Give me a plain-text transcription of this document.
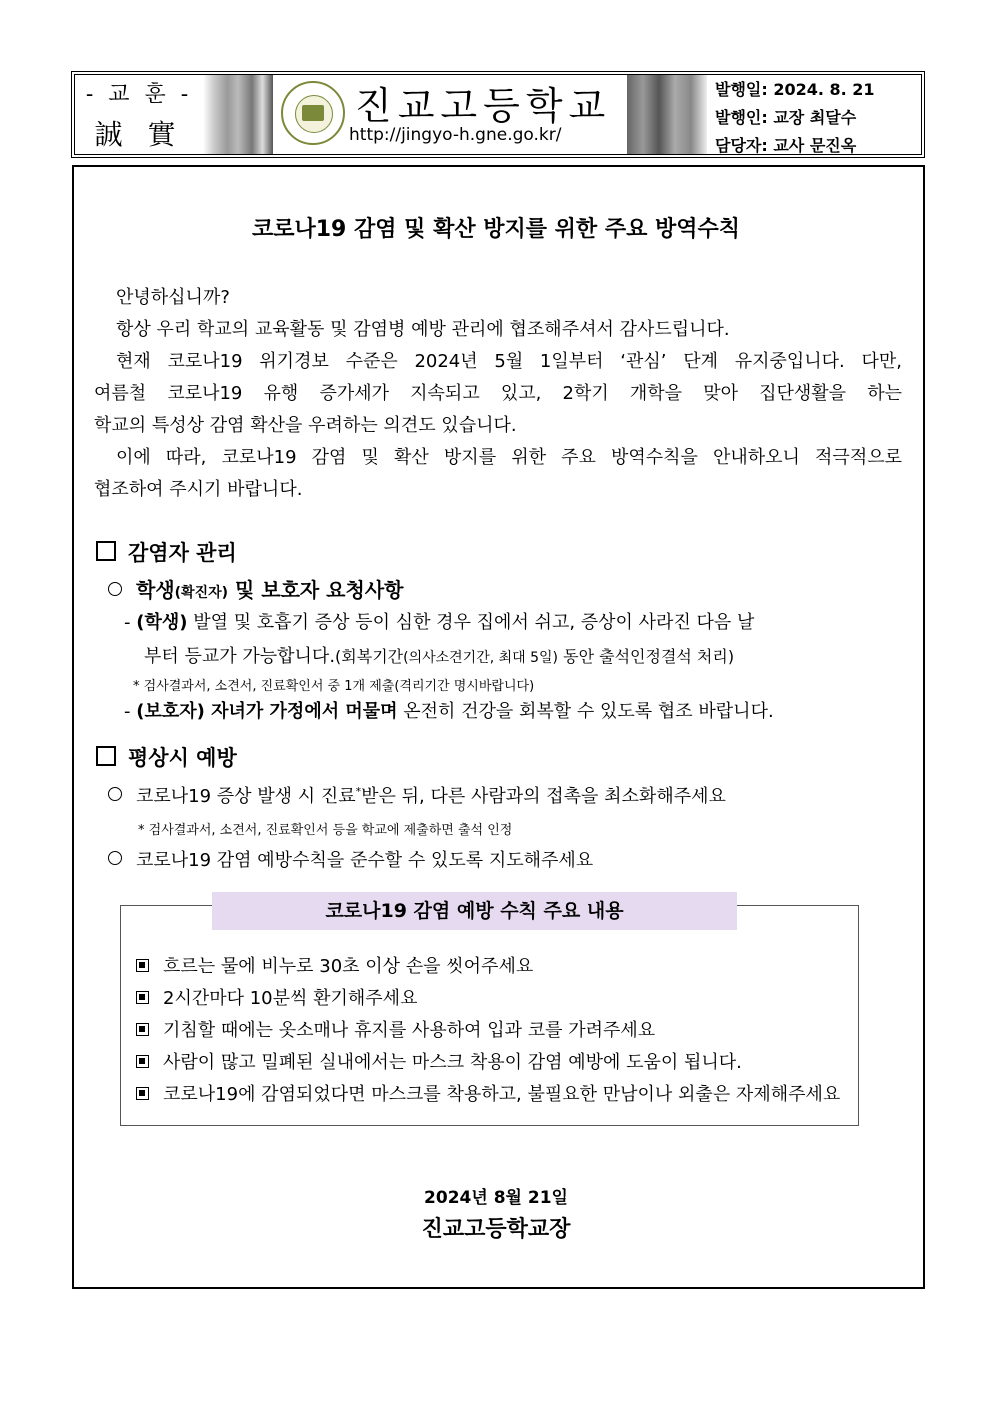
- 교 훈 -
誠 實
진교고등학교
http://jingyo-h.gne.go.kr/
발행일: 2024. 8. 21
발행인: 교장 최달수
담당자: 교사 문진옥
코로나19 감염 및 확산 방지를 위한 주요 방역수칙
안녕하십니까?
항상 우리 학교의 교육활동 및 감염병 예방 관리에 협조해주셔서 감사드립니다.
현재 코로나19 위기경보 수준은 2024년 5월 1일부터 ‘관심’ 단계 유지중입니다. 다만,
여름철 코로나19 유행 증가세가 지속되고 있고, 2학기 개학을 맞아 집단생활을 하는
학교의 특성상 감염 확산을 우려하는 의견도 있습니다.
이에 따라, 코로나19 감염 및 확산 방지를 위한 주요 방역수칙을 안내하오니 적극적으로
협조하여 주시기 바랍니다.
감염자 관리
학생(확진자) 및 보호자 요청사항
- (학생) 발열 및 호흡기 증상 등이 심한 경우 집에서 쉬고, 증상이 사라진 다음 날
부터 등교가 가능합니다.(회복기간(의사소견기간, 최대 5일) 동안 출석인정결석 처리)
* 검사결과서, 소견서, 진료확인서 중 1개 제출(격리기간 명시바랍니다)
- (보호자) 자녀가 가정에서 머물며 온전히 건강을 회복할 수 있도록 협조 바랍니다.
평상시 예방
코로나19 증상 발생 시 진료*받은 뒤, 다른 사람과의 접촉을 최소화해주세요
* 검사결과서, 소견서, 진료확인서 등을 학교에 제출하면 출석 인정
코로나19 감염 예방수칙을 준수할 수 있도록 지도해주세요
코로나19 감염 예방 수칙 주요 내용
흐르는 물에 비누로 30초 이상 손을 씻어주세요
2시간마다 10분씩 환기해주세요
기침할 때에는 옷소매나 휴지를 사용하여 입과 코를 가려주세요
사람이 많고 밀폐된 실내에서는 마스크 착용이 감염 예방에 도움이 됩니다.
코로나19에 감염되었다면 마스크를 착용하고, 불필요한 만남이나 외출은 자제해주세요
2024년 8월 21일
진교고등학교장
